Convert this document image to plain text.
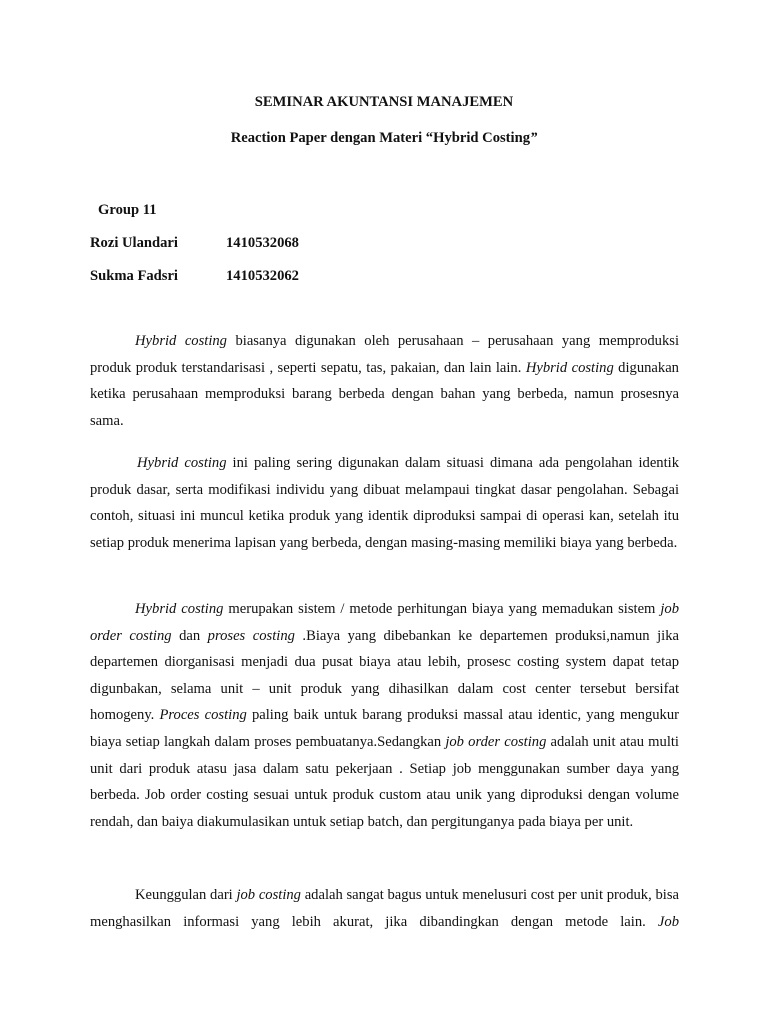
SEMINAR AKUNTANSI MANAJEMEN
Reaction Paper dengan Materi “Hybrid Costing”
Group 11
Rozi Ulandari	1410532068
Sukma Fadsri	1410532062

Hybrid costing biasanya digunakan oleh perusahaan – perusahaan yang memproduksi produk produk terstandarisasi , seperti sepatu, tas, pakaian, dan lain lain. Hybrid costing digunakan ketika perusahaan memproduksi barang berbeda dengan bahan yang berbeda, namun prosesnya sama.

Hybrid costing ini paling sering digunakan dalam situasi dimana ada pengolahan identik produk dasar, serta modifikasi individu yang dibuat melampaui tingkat dasar pengolahan. Sebagai contoh, situasi ini muncul ketika produk yang identik diproduksi sampai di operasi kan, setelah itu setiap produk menerima lapisan yang berbeda, dengan masing-masing memiliki biaya yang berbeda.

Hybrid costing merupakan sistem / metode perhitungan biaya yang memadukan sistem job order costing dan proses costing .Biaya yang dibebankan ke departemen produksi,namun jika departemen diorganisasi menjadi dua pusat biaya atau lebih, prosesc costing system dapat tetap digunbakan, selama unit – unit produk yang dihasilkan dalam cost center tersebut bersifat homogeny. Proces costing paling baik untuk barang produksi massal atau identic, yang mengukur biaya setiap langkah dalam proses pembuatanya.Sedangkan job order costing adalah unit atau multi unit dari produk atasu jasa dalam satu pekerjaan . Setiap job menggunakan sumber daya yang berbeda. Job order costing sesuai untuk produk custom atau unik yang diproduksi dengan volume rendah, dan baiya diakumulasikan untuk setiap batch, dan pergitunganya pada biaya per unit.

Keunggulan dari job costing adalah sangat bagus untuk menelusuri cost per unit produk, bisa menghasilkan informasi yang lebih akurat, jika dibandingkan dengan metode lain. Job
